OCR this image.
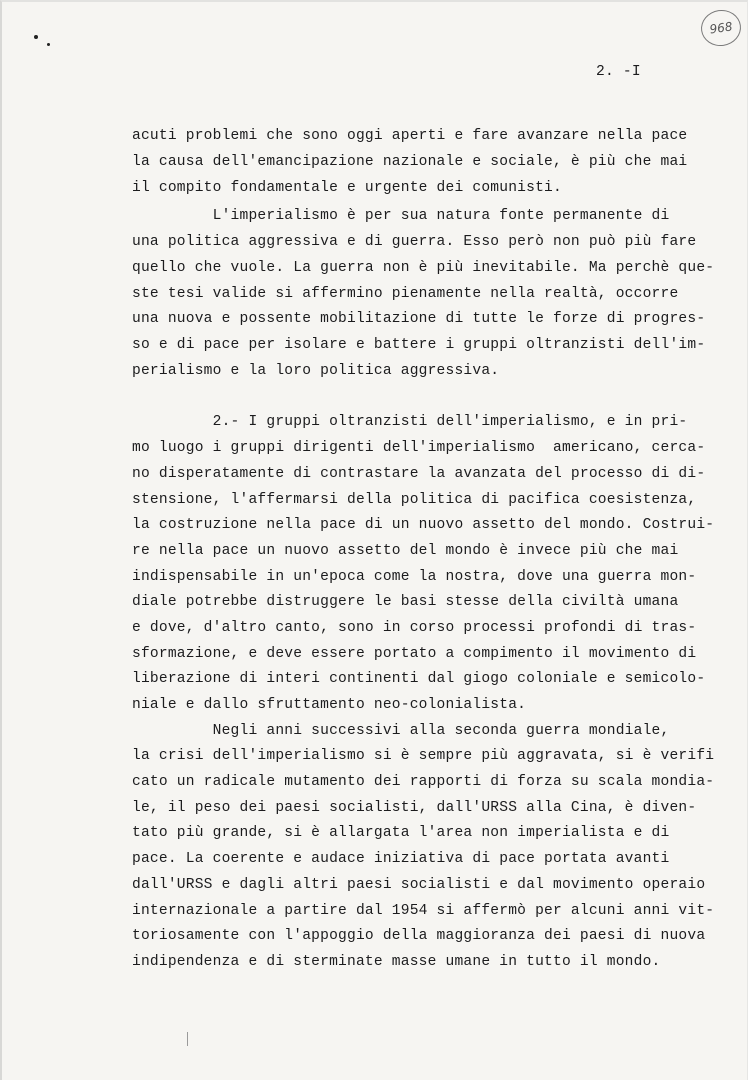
968
2. -I
acuti problemi che sono oggi aperti e fare avanzare nella pace
la causa dell'emancipazione nazionale e sociale, è più che mai
il compito fondamentale e urgente dei comunisti.
L'imperialismo è per sua natura fonte permanente di
una politica aggressiva e di guerra. Esso però non può più fare
quello che vuole. La guerra non è più inevitabile. Ma perchè que-
ste tesi valide si affermino pienamente nella realtà, occorre
una nuova e possente mobilitazione di tutte le forze di progres-
so e di pace per isolare e battere i gruppi oltranzisti dell'im-
perialismo e la loro politica aggressiva.
2.- I gruppi oltranzisti dell'imperialismo, e in pri-
mo luogo i gruppi dirigenti dell'imperialismo  americano, cerca-
no disperatamente di contrastare la avanzata del processo di di-
stensione, l'affermarsi della politica di pacifica coesistenza,
la costruzione nella pace di un nuovo assetto del mondo. Costrui-
re nella pace un nuovo assetto del mondo è invece più che mai
indispensabile in un'epoca come la nostra, dove una guerra mon-
diale potrebbe distruggere le basi stesse della civiltà umana
e dove, d'altro canto, sono in corso processi profondi di tras-
sformazione, e deve essere portato a compimento il movimento di
liberazione di interi continenti dal giogo coloniale e semicolo-
niale e dallo sfruttamento neo-colonialista.
Negli anni successivi alla seconda guerra mondiale,
la crisi dell'imperialismo si è sempre più aggravata, si è verifi
cato un radicale mutamento dei rapporti di forza su scala mondia-
le, il peso dei paesi socialisti, dall'URSS alla Cina, è diven-
tato più grande, si è allargata l'area non imperialista e di
pace. La coerente e audace iniziativa di pace portata avanti
dall'URSS e dagli altri paesi socialisti e dal movimento operaio
internazionale a partire dal 1954 si affermò per alcuni anni vit-
toriosamente con l'appoggio della maggioranza dei paesi di nuova
indipendenza e di sterminate masse umane in tutto il mondo.
